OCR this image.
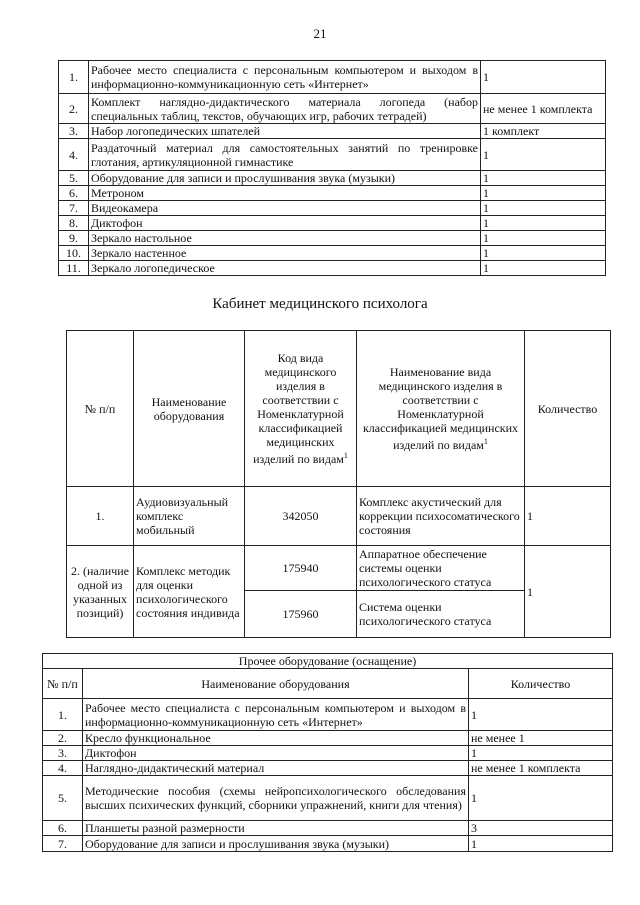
21
1.	Рабочее место специалиста с персональным компьютером и выходом в информационно-коммуникационную сеть «Интернет»	1
2.	Комплект наглядно-дидактического материала логопеда (набор специальных таблиц, текстов, обучающих игр, рабочих тетрадей)	не менее 1 комплекта
3.	Набор логопедических шпателей	1 комплект
4.	Раздаточный материал для самостоятельных занятий по тренировке глотания, артикуляционной гимнастике	1
5.	Оборудование для записи и прослушивания звука (музыки)	1
6.	Метроном	1
7.	Видеокамера	1
8.	Диктофон	1
9.	Зеркало настольное	1
10.	Зеркало настенное	1
11.	Зеркало логопедическое	1
Кабинет медицинского психолога
№ п/п	Наименование оборудования	Код вида медицинского изделия в соответствии с Номенклатурной классификацией медицинских изделий по видам$^1$	Наименование вида медицинского изделия в соответствии с Номенклатурной классификацией медицинских изделий по видам$^1$	Количество
1.	Аудиовизуальный комплекс мобильный	342050	Комплекс акустический для коррекции психосоматического состояния	1
2. (наличие одной из указанных позиций)	Комплекс методик для оценки психологического состояния индивида	175940	Аппаратное обеспечение системы оценки психологического статуса	1
		175960	Система оценки психологического статуса	
Прочее оборудование (оснащение)		
№ п/п	Наименование оборудования	Количество
1.	Рабочее место специалиста с персональным компьютером и выходом в информационно-коммуникационную сеть «Интернет»	1
2.	Кресло функциональное	не менее 1
3.	Диктофон	1
4.	Наглядно-дидактический материал	не менее 1 комплекта
5.	Методические пособия (схемы нейропсихологического обследования высших психических функций, сборники упражнений, книги для чтения)	1
6.	Планшеты разной размерности	3
7.	Оборудование для записи и прослушивания звука (музыки)	1
